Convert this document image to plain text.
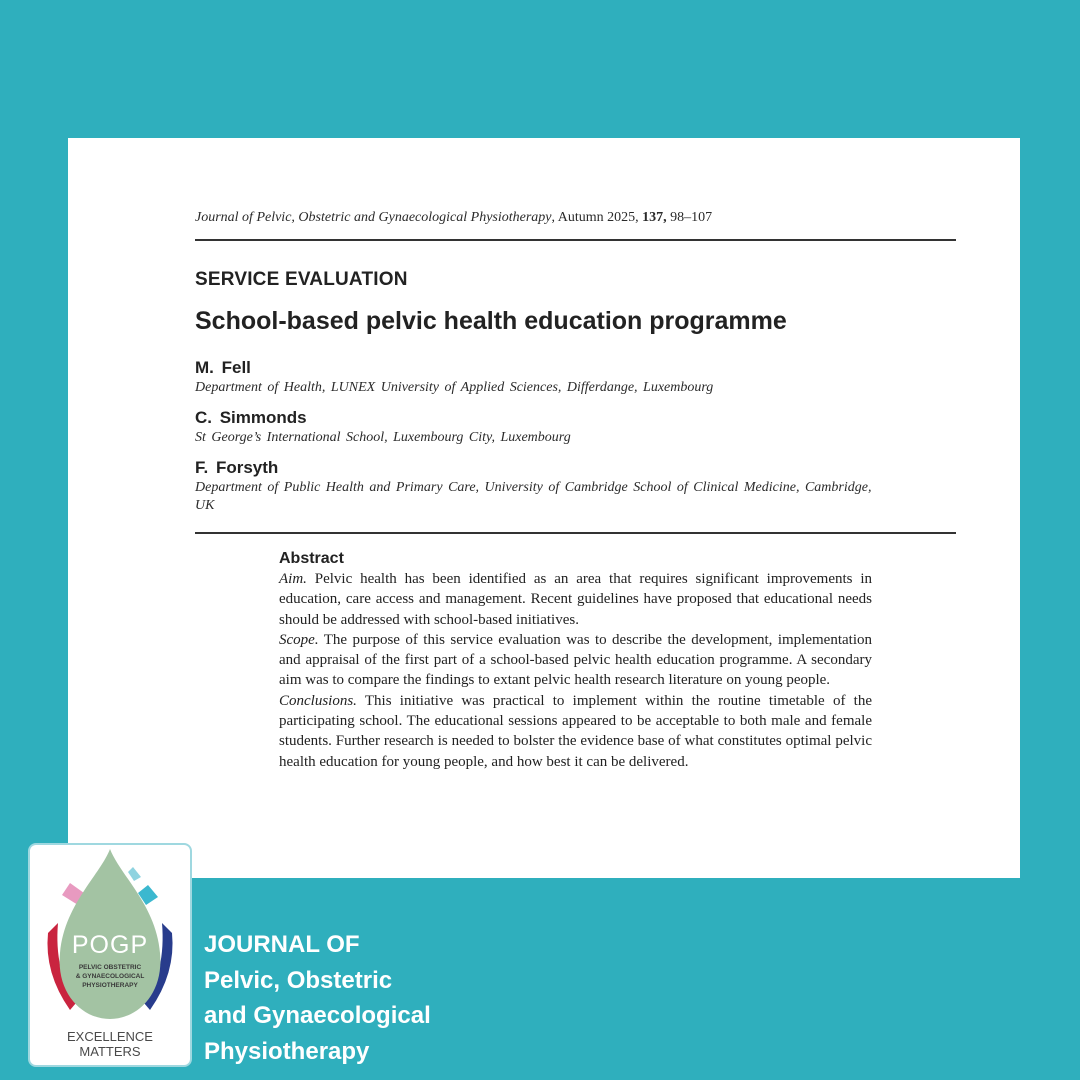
Journal of Pelvic, Obstetric and Gynaecological Physiotherapy, Autumn 2025, 137, 98–107
SERVICE EVALUATION
School-based pelvic health education programme
M. Fell
Department of Health, LUNEX University of Applied Sciences, Differdange, Luxembourg
C. Simmonds
St George’s International School, Luxembourg City, Luxembourg
F. Forsyth
Department of Public Health and Primary Care, University of Cambridge School of Clinical Medicine, Cambridge, UK
Abstract

Aim. Pelvic health has been identified as an area that requires significant improvements in education, care access and management. Recent guidelines have proposed that educational needs should be addressed with school-based initiatives.

Scope. The purpose of this service evaluation was to describe the development, implementation and appraisal of the first part of a school-based pelvic health education programme. A secondary aim was to compare the findings to extant pelvic health research literature on young people.

Conclusions. This initiative was practical to implement within the routine timetable of the participating school. The educational sessions appeared to be acceptable to both male and female students. Further research is needed to bolster the evidence base of what constitutes optimal pelvic health education for young people, and how best it can be delivered.

POGP
PELVIC OBSTETRIC
& GYNAECOLOGICAL
PHYSIOTHERAPY
EXCELLENCE
MATTERS
JOURNAL OF
Pelvic, Obstetric
and Gynaecological
Physiotherapy
